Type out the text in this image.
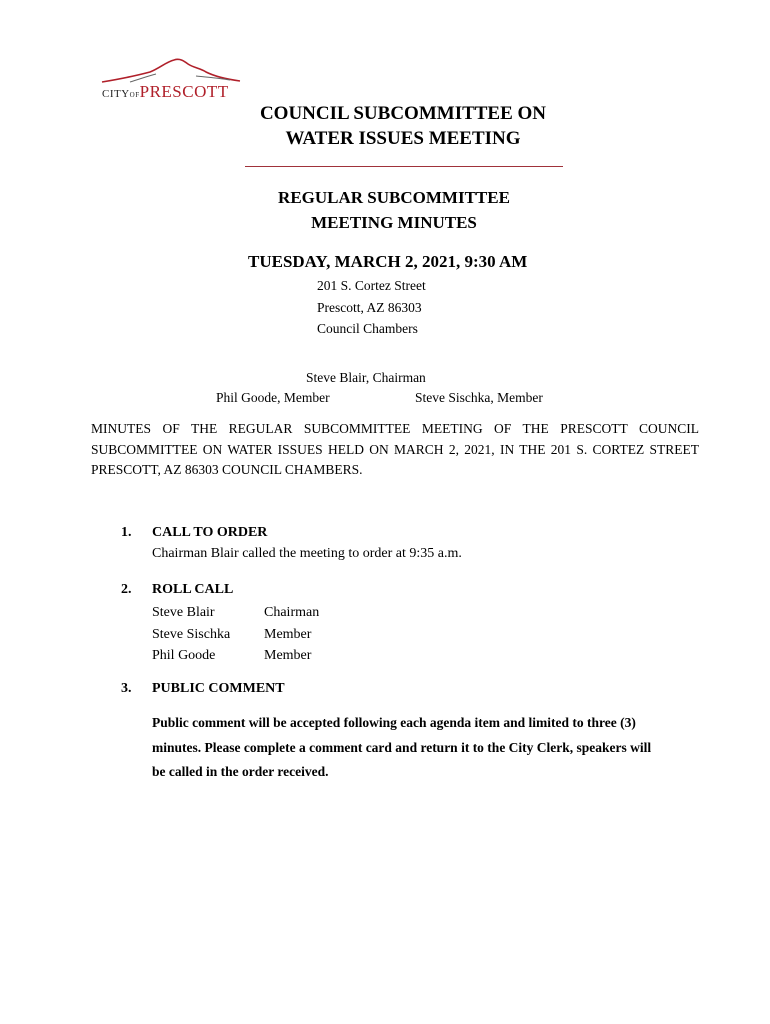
CITYOFPRESCOTT
COUNCIL SUBCOMMITTEE ON
WATER ISSUES MEETING
REGULAR SUBCOMMITTEE
MEETING MINUTES
TUESDAY, MARCH 2, 2021, 9:30 AM
201 S. Cortez Street
Prescott, AZ 86303
Council Chambers
Steve Blair, Chairman
Phil Goode, Member	Steve Sischka, Member
MINUTES OF THE REGULAR SUBCOMMITTEE MEETING OF THE PRESCOTT COUNCIL SUBCOMMITTEE ON WATER ISSUES HELD ON MARCH 2, 2021, IN THE 201 S. CORTEZ STREET PRESCOTT, AZ 86303 COUNCIL CHAMBERS.
1. CALL TO ORDER
Chairman Blair called the meeting to order at 9:35 a.m.
2. ROLL CALL
Steve Blair	Chairman
Steve Sischka	Member
Phil Goode	Member
3. PUBLIC COMMENT
Public comment will be accepted following each agenda item and limited to three (3) minutes. Please complete a comment card and return it to the City Clerk, speakers will be called in the order received.
